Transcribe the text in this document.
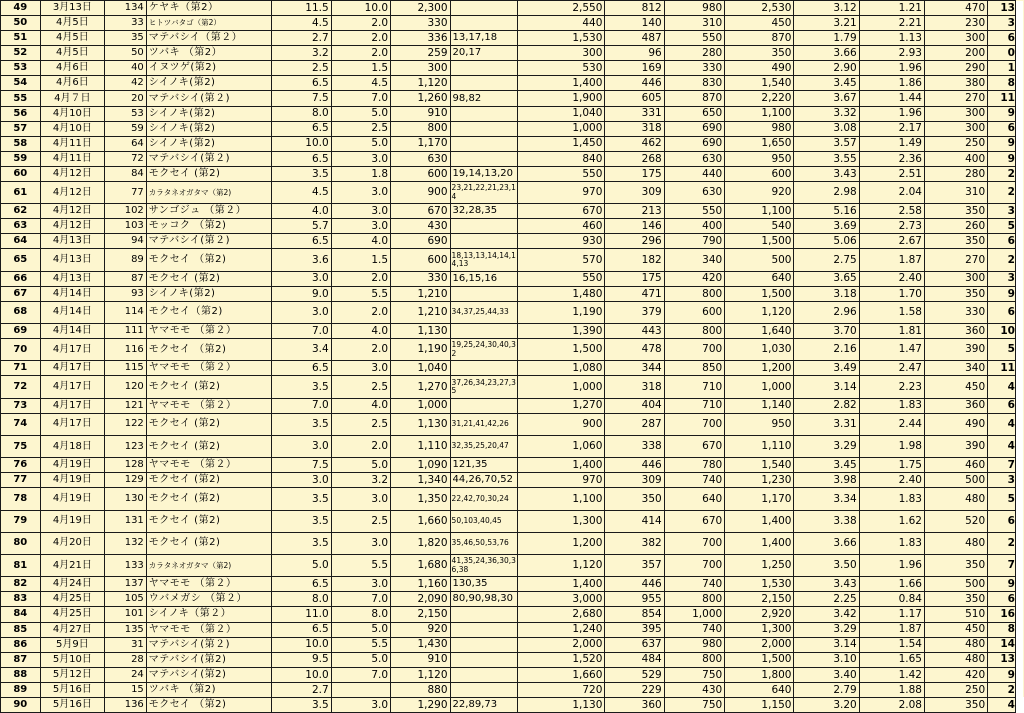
49	3月13日	134	ケヤキ（第2）	11.5	10.0	2,300		2,550	812	980	2,530	3.12	1.21	470	13	
50	4月5日	33	ヒトツバタゴ（第2）	4.5	2.0	330		440	140	310	450	3.21	2.21	230	3	
51	4月5日	35	マテバシイ（第２）	2.7	2.0	336	13,17,18	1,530	487	550	870	1.79	1.13	300	6	
52	4月5日	50	ツバキ （第2）	3.2	2.0	259	20,17	300	96	280	350	3.66	2.93	200	0	
53	4月6日	40	イヌツゲ(第2)	2.5	1.5	300		530	169	330	490	2.90	1.96	290	1	
54	4月6日	42	シイノキ(第2)	6.5	4.5	1,120		1,400	446	830	1,540	3.45	1.86	380	8	
55	4月７日	20	マテバシイ(第２)	7.5	7.0	1,260	98,82	1,900	605	870	2,220	3.67	1.44	270	11	
56	4月10日	53	シイノキ(第2)	8.0	5.0	910		1,040	331	650	1,100	3.32	1.96	300	9	
57	4月10日	59	シイノキ(第2)	6.5	2.5	800		1,000	318	690	980	3.08	2.17	300	6	
58	4月11日	64	シイノキ(第2)	10.0	5.0	1,170		1,450	462	690	1,650	3.57	1.49	250	9	
59	4月11日	72	マテバシイ(第２)	6.5	3.0	630		840	268	630	950	3.55	2.36	400	9	
60	4月12日	84	モクセイ (第2)	3.5	1.8	600	19,14,13,20	550	175	440	600	3.43	2.51	280	2	
61	4月12日	77	カラタネオガタマ（第2)	4.5	3.0	900	23,21,22,21,23,14	970	309	630	920	2.98	2.04	310	2	
62	4月12日	102	サンゴジュ （第２）	4.0	3.0	670	32,28,35	670	213	550	1,100	5.16	2.58	350	3	
63	4月12日	103	モッコク （第2)	5.7	3.0	430		460	146	400	540	3.69	2.73	260	5	
64	4月13日	94	マテバシイ(第２)	6.5	4.0	690		930	296	790	1,500	5.06	2.67	350	6	
65	4月13日	89	モクセイ （第2)	3.6	1.5	600	18,13,13,14,14,14,13	570	182	340	500	2.75	1.87	270	2	
66	4月13日	87	モクセイ (第2)	3.0	2.0	330	16,15,16	550	175	420	640	3.65	2.40	300	3	
67	4月14日	93	シイノキ(第2)	9.0	5.5	1,210		1,480	471	800	1,500	3.18	1.70	350	9	
68	4月14日	114	モクセイ（第2)	3.0	2.0	1,210	34,37,25,44,33	1,190	379	600	1,120	2.96	1.58	330	6	
69	4月14日	111	ヤマモモ （第２）	7.0	4.0	1,130		1,390	443	800	1,640	3.70	1.81	360	10	
70	4月17日	116	モクセイ （第2)	3.4	2.0	1,190	19,25,24,30,40,32	1,500	478	700	1,030	2.16	1.47	390	5	
71	4月17日	115	ヤマモモ （第２）	6.5	3.0	1,040		1,080	344	850	1,200	3.49	2.47	340	11	
72	4月17日	120	モクセイ (第2)	3.5	2.5	1,270	37,26,34,23,27,35	1,000	318	710	1,000	3.14	2.23	450	4	
73	4月17日	121	ヤマモモ （第２）	7.0	4.0	1,000		1,270	404	710	1,140	2.82	1.83	360	6	
74	4月17日	122	モクセイ (第2)	3.5	2.5	1,130	31,21,41,42,26	900	287	700	950	3.31	2.44	490	4	
75	4月18日	123	モクセイ (第2)	3.0	2.0	1,110	32,35,25,20,47	1,060	338	670	1,110	3.29	1.98	390	4	
76	4月19日	128	ヤマモモ （第２）	7.5	5.0	1,090	121,35	1,400	446	780	1,540	3.45	1.75	460	7	
77	4月19日	129	モクセイ (第2)	3.0	3.2	1,340	44,26,70,52	970	309	740	1,230	3.98	2.40	500	3	
78	4月19日	130	モクセイ (第2)	3.5	3.0	1,350	22,42,70,30,24	1,100	350	640	1,170	3.34	1.83	480	5	
79	4月19日	131	モクセイ (第2)	3.5	2.5	1,660	50,103,40,45	1,300	414	670	1,400	3.38	1.62	520	6	
80	4月20日	132	モクセイ (第2)	3.5	3.0	1,820	35,46,50,53,76	1,200	382	700	1,400	3.66	1.83	480	2	
81	4月21日	133	カラタネオガタマ（第2)	5.0	5.5	1,680	41,35,24,36,30,36,38	1,120	357	700	1,250	3.50	1.96	350	7	
82	4月24日	137	ヤマモモ （第２）	6.5	3.0	1,160	130,35	1,400	446	740	1,530	3.43	1.66	500	9	
83	4月25日	105	ウバメガシ （第２）	8.0	7.0	2,090	80,90,98,30	3,000	955	800	2,150	2.25	0.84	350	6	
84	4月25日	101	シイノキ（第２）	11.0	8.0	2,150		2,680	854	1,000	2,920	3.42	1.17	510	16	
85	4月27日	135	ヤマモモ （第２）	6.5	5.0	920		1,240	395	740	1,300	3.29	1.87	450	8	
86	5月9日	31	マテバシイ(第２)	10.0	5.5	1,430		2,000	637	980	2,000	3.14	1.54	480	14	
87	5月10日	28	マテバシイ(第2)	9.5	5.0	910		1,520	484	800	1,500	3.10	1.65	480	13	
88	5月12日	24	マテバシイ(第2)	10.0	7.0	1,120		1,660	529	750	1,800	3.40	1.42	420	9	
89	5月16日	15	ツバキ （第2)	2.7		880		720	229	430	640	2.79	1.88	250	2	
90	5月16日	136	モクセイ （第2)	3.5	3.0	1,290	22,89,73	1,130	360	750	1,150	3.20	2.08	350	4	
